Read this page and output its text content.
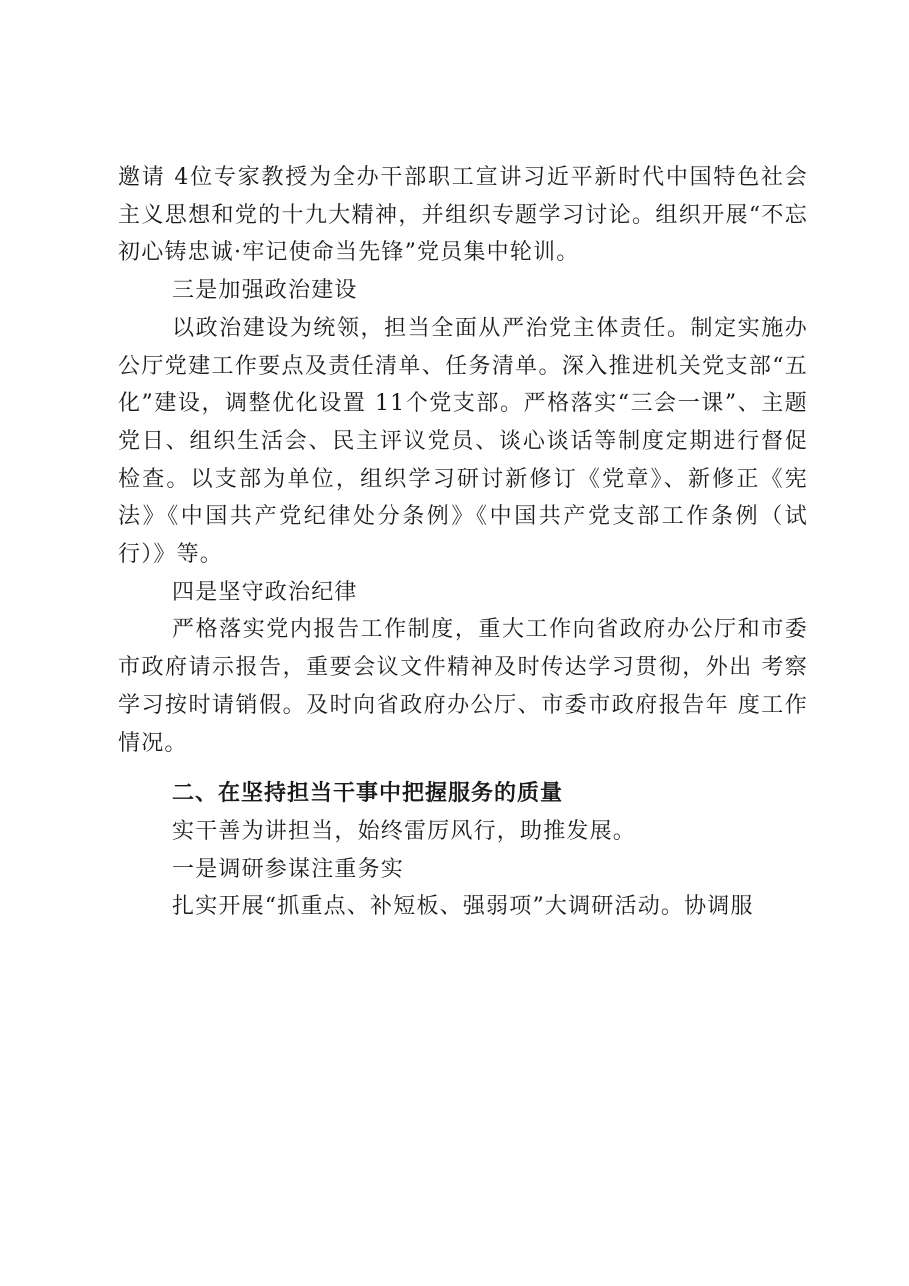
邀请 4位专家教授为全办干部职工宣讲习近平新时代中国特色社会主义思想和党的十九大精神，并组织专题学习讨论。组织开展“不忘初心铸忠诚·牢记使命当先锋”党员集中轮训。

三是加强政治建设

以政治建设为统领，担当全面从严治党主体责任。制定实施办公厅党建工作要点及责任清单、任务清单。深入推进机关党支部“五化”建设，调整优化设置 11个党支部。严格落实“三会一课”、主题党日、组织生活会、民主评议党员、谈心谈话等制度定期进行督促检查。以支部为单位，组织学习研讨新修订《党章》、新修正《宪法》《中国共产党纪律处分条例》《中国共产党支部工作条例（试行）》等。

四是坚守政治纪律

严格落实党内报告工作制度，重大工作向省政府办公厅和市委市政府请示报告，重要会议文件精神及时传达学习贯彻，外出 考察学习按时请销假。及时向省政府办公厅、市委市政府报告年 度工作情况。

二、在坚持担当干事中把握服务的质量

实干善为讲担当，始终雷厉风行，助推发展。

一是调研参谋注重务实

扎实开展“抓重点、补短板、强弱项”大调研活动。协调服
